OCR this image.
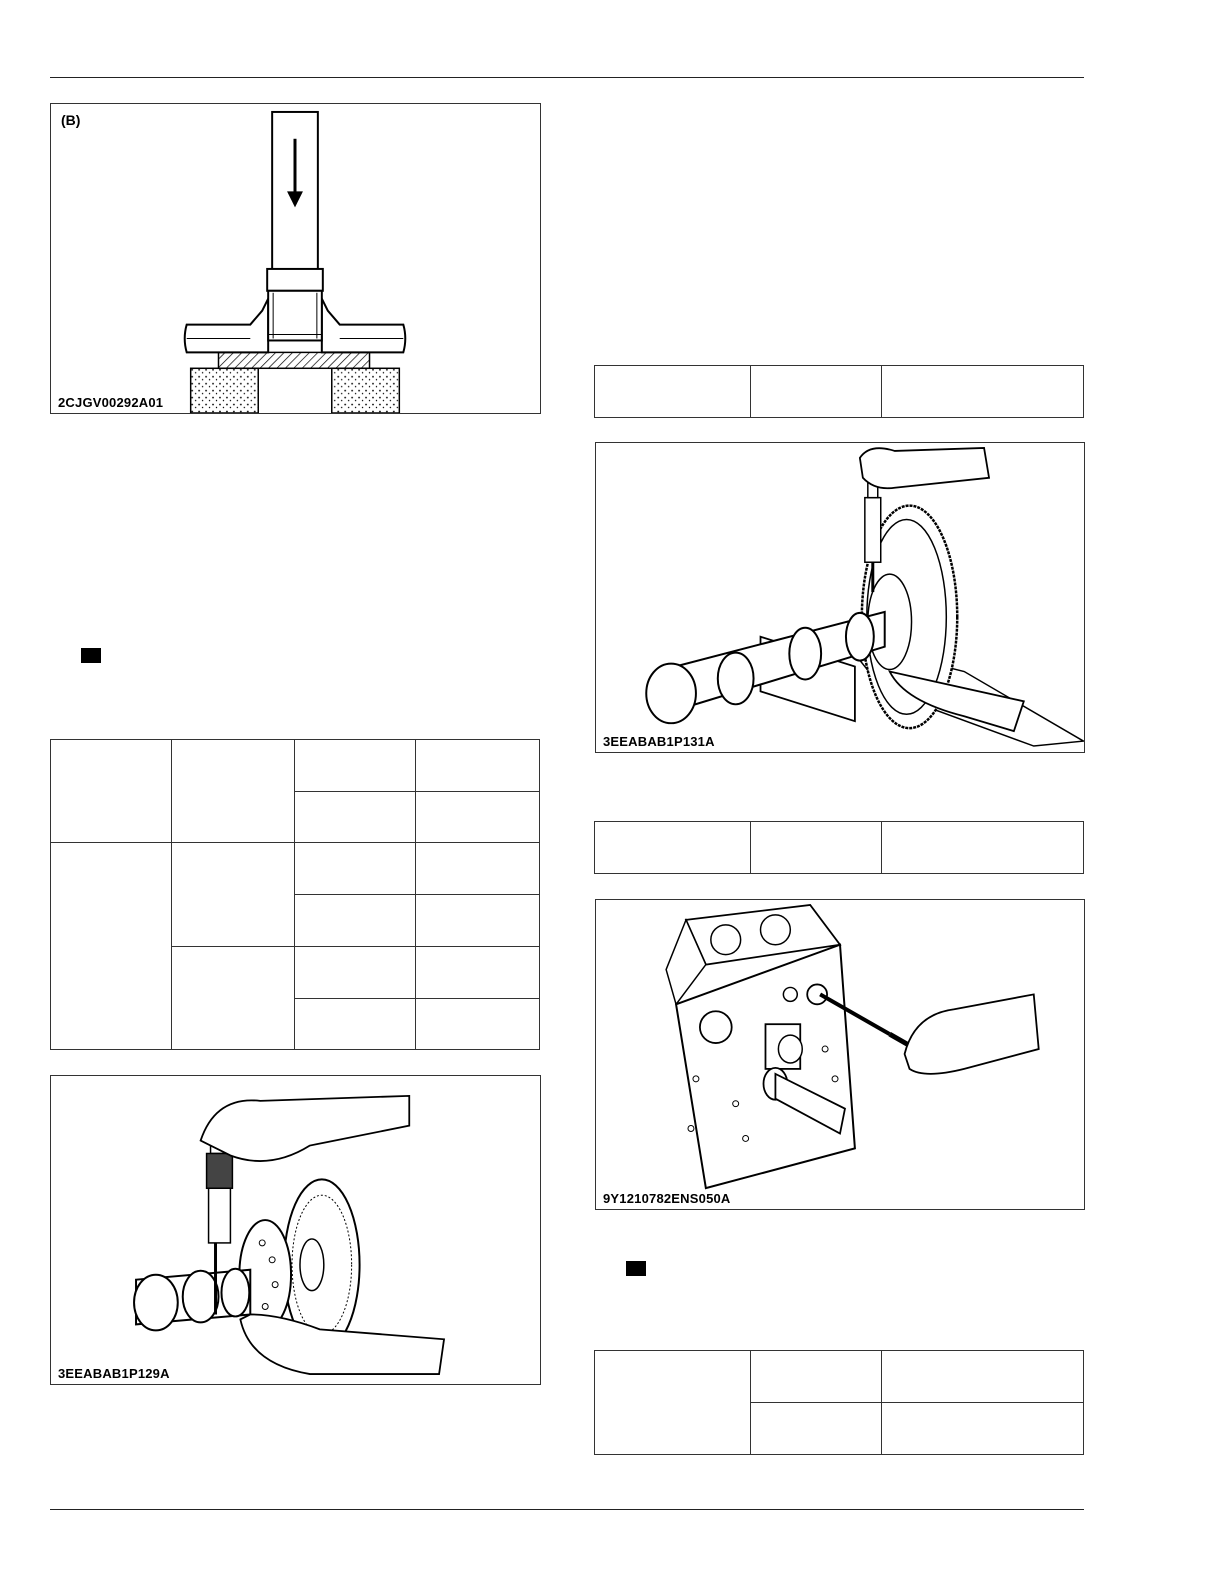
(B)
2CJGV00292A01

3EEABAB1P129A

3EEABAB1P131A

9Y1210782ENS050A
